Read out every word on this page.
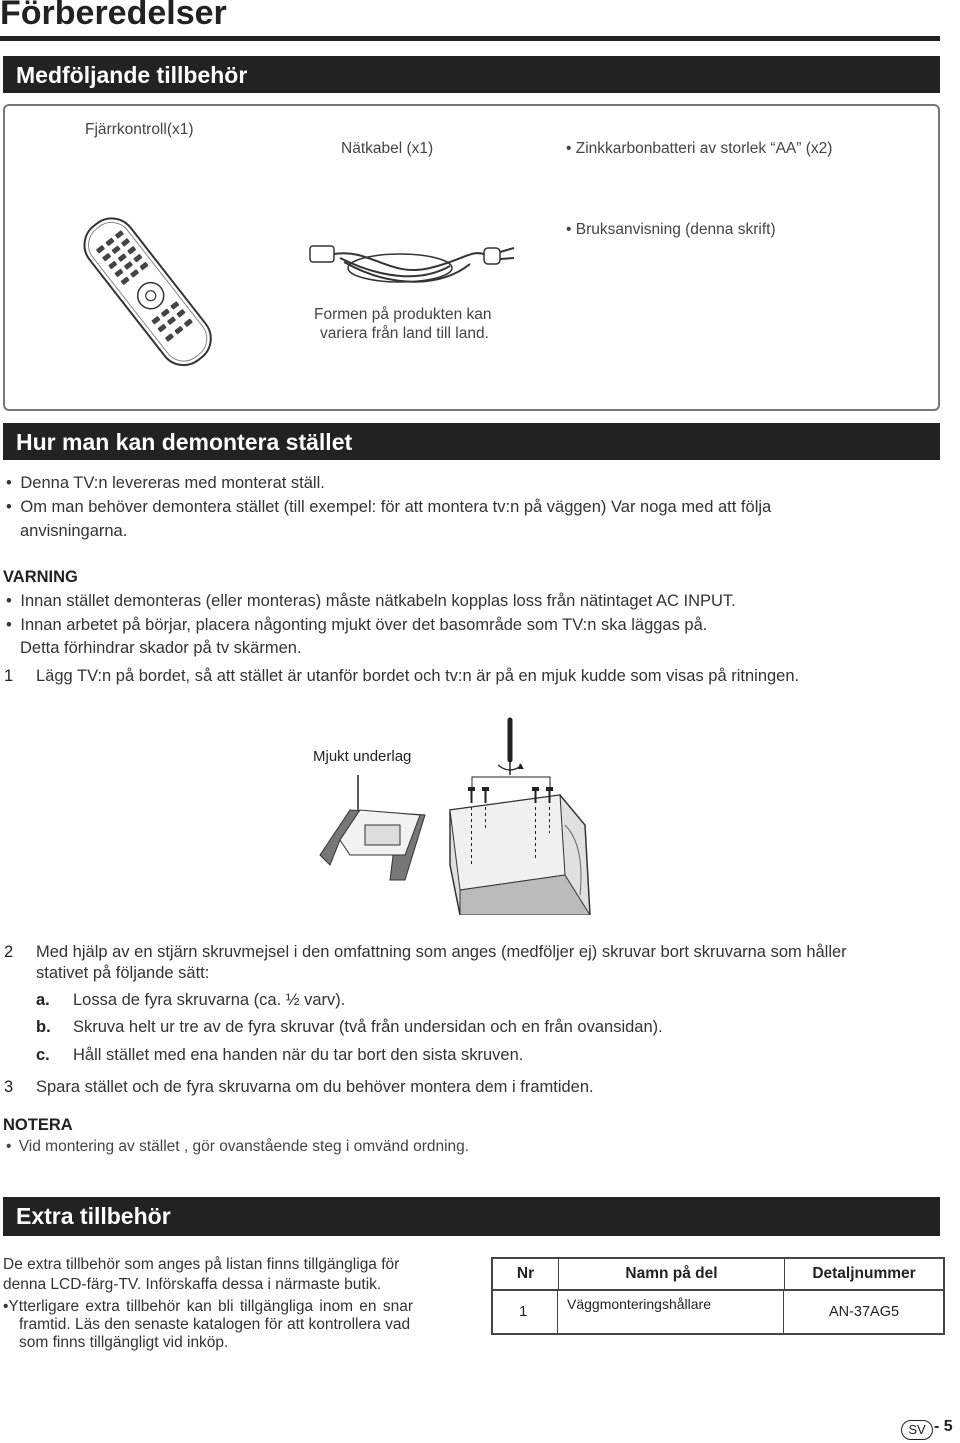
Förberedelser
Medföljande tillbehör
Fjärrkontroll(x1)
Nätkabel (x1)	• Zinkkarbonbatteri av storlek “AA” (x2)
• Bruksanvisning (denna skrift)
Formen på produkten kan
variera från land till land.
Hur man kan demontera stället
• Denna TV:n levereras med monterat ställ.
• Om man behöver demontera stället (till exempel: för att montera tv:n på väggen) Var noga med att följa
anvisningarna.
VARNING
• Innan stället demonteras (eller monteras) måste nätkabeln kopplas loss från nätintaget AC INPUT.
• Innan arbetet på börjar, placera någonting mjukt över det basområde som TV:n ska läggas på.
Detta förhindrar skador på tv skärmen.
1 Lägg TV:n på bordet, så att stället är utanför bordet och tv:n är på en mjuk kudde som visas på ritningen.
Mjukt underlag
2 Med hjälp av en stjärn skruvmejsel i den omfattning som anges (medföljer ej) skruvar bort skruvarna som håller
stativet på följande sätt:
a. Lossa de fyra skruvarna (ca. ½ varv).
b. Skruva helt ur tre av de fyra skruvar (två från undersidan och en från ovansidan).
c. Håll stället med ena handen när du tar bort den sista skruven.
3 Spara stället och de fyra skruvarna om du behöver montera dem i framtiden.
NOTERA
• Vid montering av stället , gör ovanstående steg i omvänd ordning.
Extra tillbehör
De extra tillbehör som anges på listan finns tillgängliga för
denna LCD-färg-TV. Införskaffa dessa i närmaste butik.
•Ytterligare extra tillbehör kan bli tillgängliga inom en snar
framtid. Läs den senaste katalogen för att kontrollera vad
som finns tillgängligt vid inköp.
Nr	Namn på del	Detaljnummer
1	Väggmonteringshållare	AN-37AG5
SV - 5
